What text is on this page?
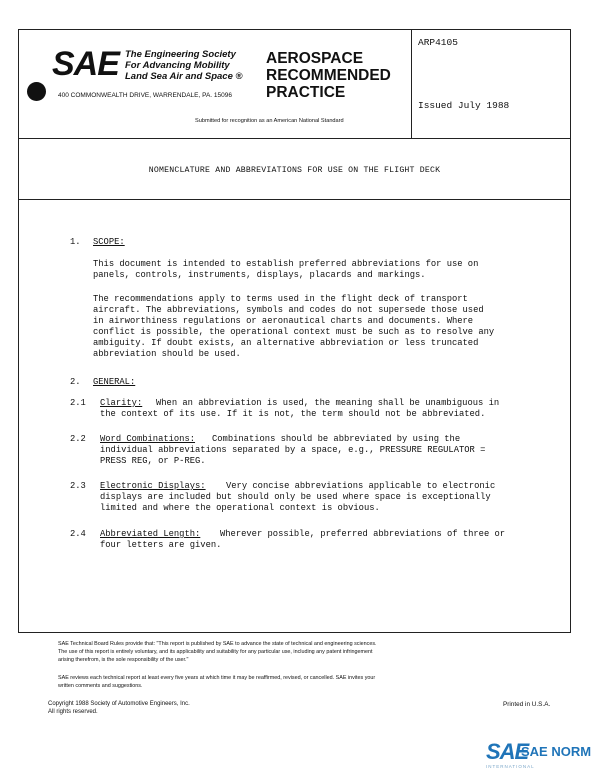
SAE The Engineering Society
For Advancing Mobility
Land Sea Air and Space ®
400 COMMONWEALTH DRIVE, WARRENDALE, PA. 15096
AEROSPACE
RECOMMENDED
PRACTICE
Submitted for recognition as an American National Standard
ARP4105
Issued July 1988
NOMENCLATURE AND ABBREVIATIONS FOR USE ON THE FLIGHT DECK
1. SCOPE:
This document is intended to establish preferred abbreviations for use on
panels, controls, instruments, displays, placards and markings.
The recommendations apply to terms used in the flight deck of transport
aircraft. The abbreviations, symbols and codes do not supersede those used
in airworthiness regulations or aeronautical charts and documents. Where
conflict is possible, the operational context must be such as to resolve any
ambiguity. If doubt exists, an alternative abbreviation or less truncated
abbreviation should be used.
2. GENERAL:
2.1 Clarity: When an abbreviation is used, the meaning shall be unambiguous in
the context of its use. If it is not, the term should not be abbreviated.
2.2 Word Combinations: Combinations should be abbreviated by using the
individual abbreviations separated by a space, e.g., PRESSURE REGULATOR =
PRESS REG, or P-REG.
2.3 Electronic Displays: Very concise abbreviations applicable to electronic
displays are included but should only be used where space is exceptionally
limited and where the operational context is obvious.
2.4 Abbreviated Length: Wherever possible, preferred abbreviations of three or
four letters are given.
SAE Technical Board Rules provide that: "This report is published by SAE to advance the state of technical and engineering sciences.
The use of this report is entirely voluntary, and its applicability and suitability for any particular use, including any patent infringement
arising therefrom, is the sole responsibility of the user."
SAE reviews each technical report at least every five years at which time it may be reaffirmed, revised, or cancelled. SAE invites your
written comments and suggestions.
Copyright 1988 Society of Automotive Engineers, Inc.
All rights reserved.
Printed in U.S.A.
SAE
SAE NORM
INTERNATIONAL
